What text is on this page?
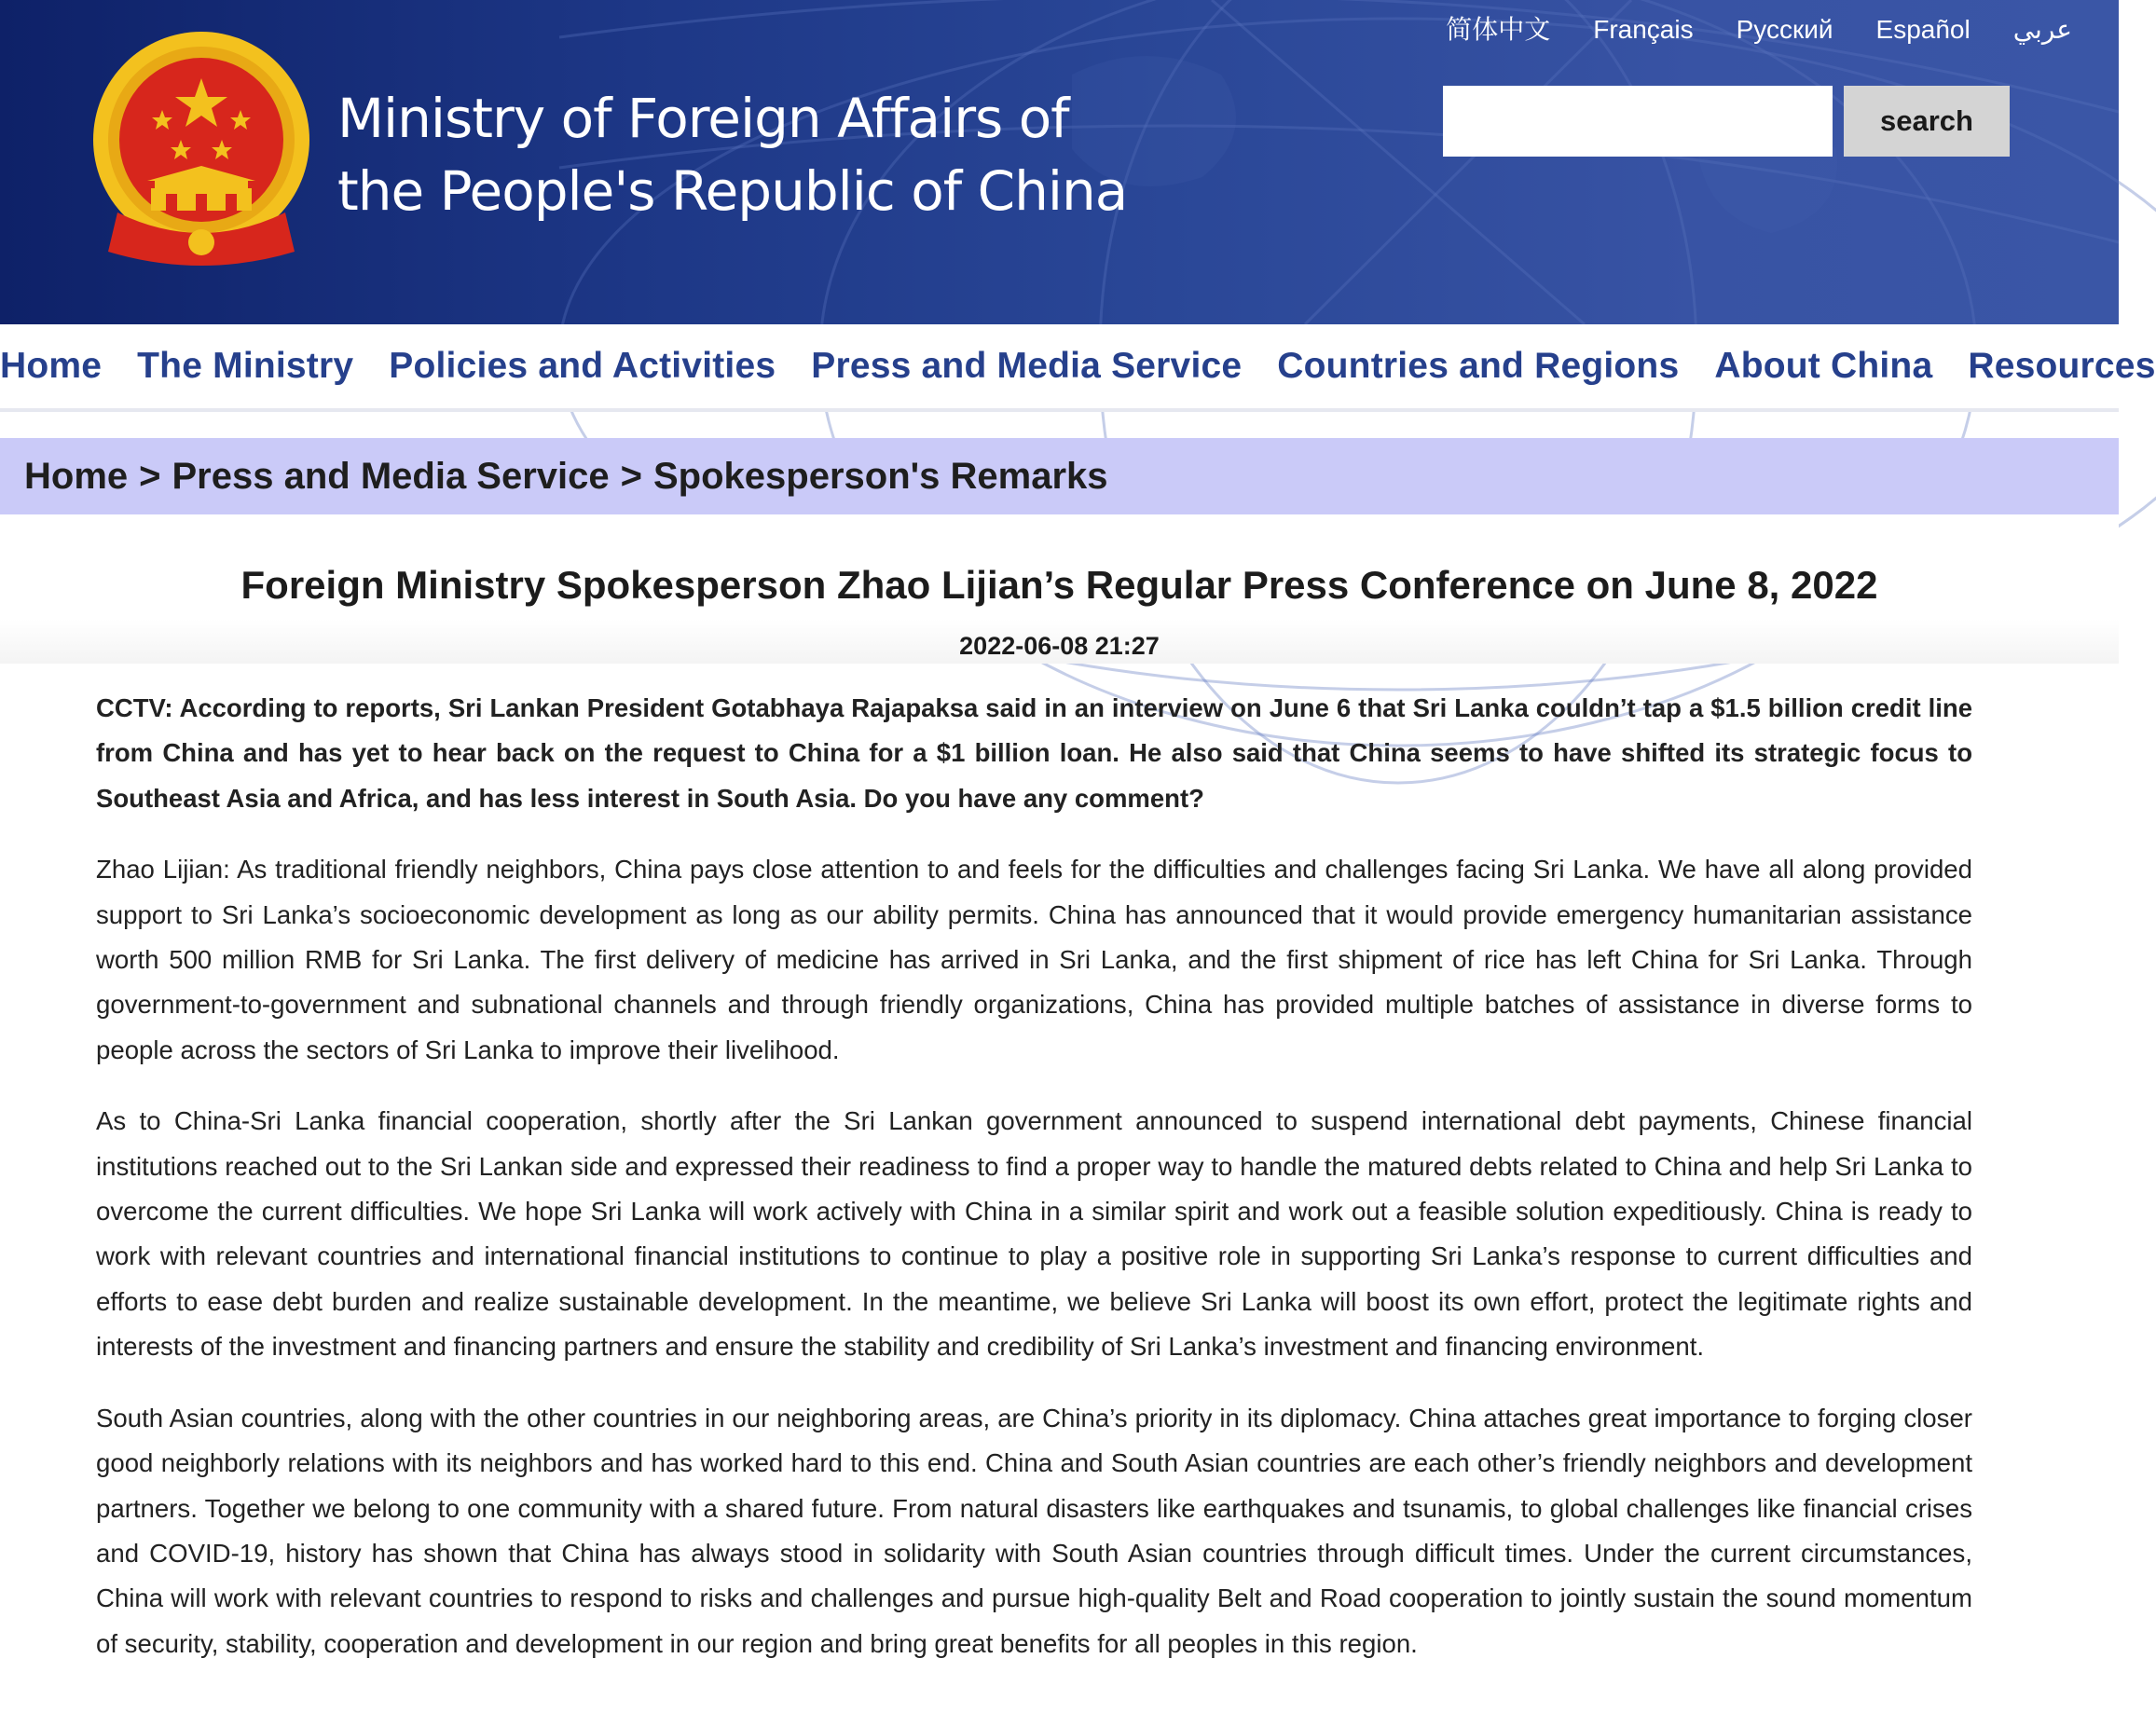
Ministry of Foreign Affairs of
the People's Republic of China
简体中文 Français Русский Español عربي
search
Home The Ministry Policies and Activities Press and Media Service Countries and Regions About China Resources
Home > Press and Media Service > Spokesperson's Remarks
Foreign Ministry Spokesperson Zhao Lijian’s Regular Press Conference on June 8, 2022
2022-06-08 21:27

CCTV: According to reports, Sri Lankan President Gotabhaya Rajapaksa said in an interview on June 6 that Sri Lanka couldn’t tap a $1.5 billion credit line from China and has yet to hear back on the request to China for a $1 billion loan. He also said that China seems to have shifted its strategic focus to Southeast Asia and Africa, and has less interest in South Asia. Do you have any comment?

Zhao Lijian: As traditional friendly neighbors, China pays close attention to and feels for the difficulties and challenges facing Sri Lanka. We have all along provided support to Sri Lanka’s socioeconomic development as long as our ability permits. China has announced that it would provide emergency humanitarian assistance worth 500 million RMB for Sri Lanka. The first delivery of medicine has arrived in Sri Lanka, and the first shipment of rice has left China for Sri Lanka. Through government-to-government and subnational channels and through friendly organizations, China has provided multiple batches of assistance in diverse forms to people across the sectors of Sri Lanka to improve their livelihood.

As to China-Sri Lanka financial cooperation, shortly after the Sri Lankan government announced to suspend international debt payments, Chinese financial institutions reached out to the Sri Lankan side and expressed their readiness to find a proper way to handle the matured debts related to China and help Sri Lanka to overcome the current difficulties. We hope Sri Lanka will work actively with China in a similar spirit and work out a feasible solution expeditiously. China is ready to work with relevant countries and international financial institutions to continue to play a positive role in supporting Sri Lanka’s response to current difficulties and efforts to ease debt burden and realize sustainable development. In the meantime, we believe Sri Lanka will boost its own effort, protect the legitimate rights and interests of the investment and financing partners and ensure the stability and credibility of Sri Lanka’s investment and financing environment.

South Asian countries, along with the other countries in our neighboring areas, are China’s priority in its diplomacy. China attaches great importance to forging closer good neighborly relations with its neighbors and has worked hard to this end. China and South Asian countries are each other’s friendly neighbors and development partners. Together we belong to one community with a shared future. From natural disasters like earthquakes and tsunamis, to global challenges like financial crises and COVID-19, history has shown that China has always stood in solidarity with South Asian countries through difficult times. Under the current circumstances, China will work with relevant countries to respond to risks and challenges and pursue high-quality Belt and Road cooperation to jointly sustain the sound momentum of security, stability, cooperation and development in our region and bring great benefits for all peoples in this region.
